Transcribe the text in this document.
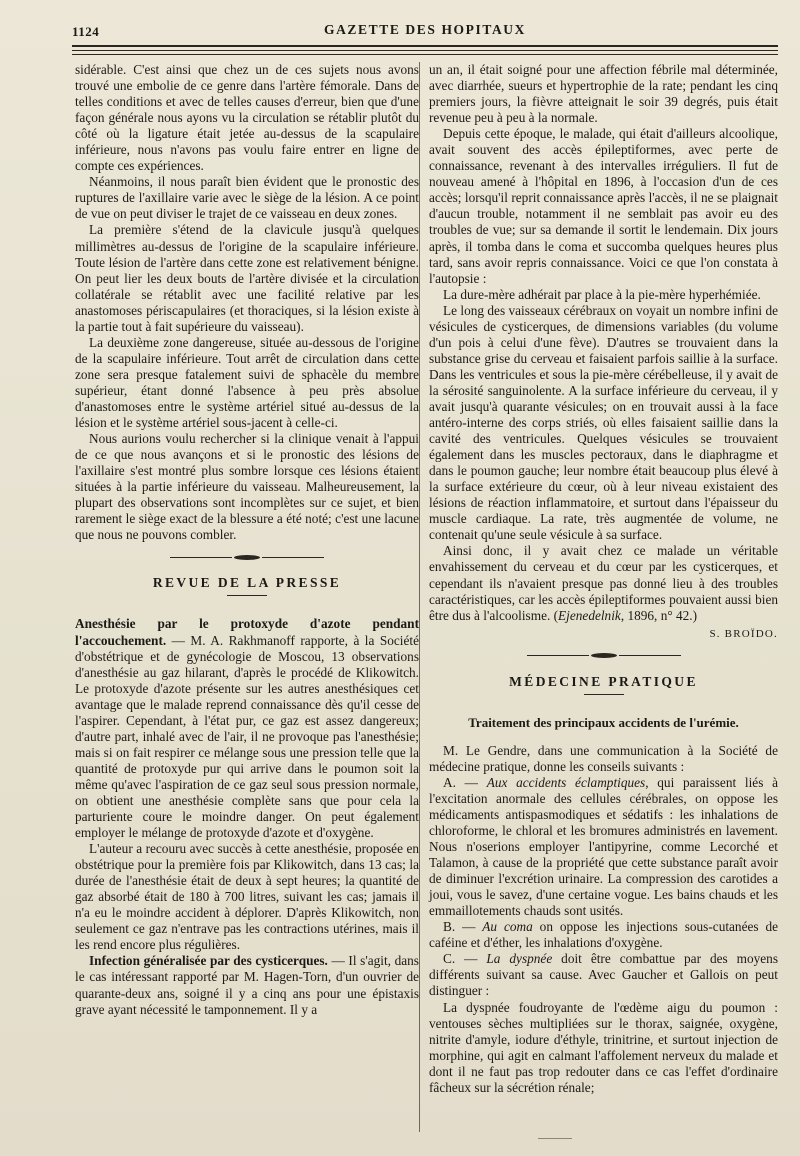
1124	GAZETTE DES HOPITAUX

sidérable. C'est ainsi que chez un de ces sujets nous avons trouvé une embolie de ce genre dans l'artère fémorale. Dans de telles conditions et avec de telles causes d'erreur, bien que d'une façon générale nous ayons vu la circulation se rétablir plutôt du côté où la ligature était jetée au-dessus de la scapulaire inférieure, nous n'avons pas voulu faire entrer en ligne de compte ces expériences.

Néanmoins, il nous paraît bien évident que le pronostic des ruptures de l'axillaire varie avec le siège de la lésion. A ce point de vue on peut diviser le trajet de ce vaisseau en deux zones.

La première s'étend de la clavicule jusqu'à quelques millimètres au-dessus de l'origine de la scapulaire inférieure. Toute lésion de l'artère dans cette zone est relativement bénigne. On peut lier les deux bouts de l'artère divisée et la circulation collatérale se rétablit avec une facilité relative par les anastomoses périscapulaires (et thoraciques, si la lésion existe à la partie tout à fait supérieure du vaisseau).

La deuxième zone dangereuse, située au-dessous de l'origine de la scapulaire inférieure. Tout arrêt de circulation dans cette zone sera presque fatalement suivi de sphacèle du membre supérieur, étant donné l'absence à peu près absolue d'anastomoses entre le système artériel situé au-dessus de la lésion et le système artériel sous-jacent à celle-ci.

Nous aurions voulu rechercher si la clinique venait à l'appui de ce que nous avançons et si le pronostic des lésions de l'axillaire s'est montré plus sombre lorsque ces lésions étaient situées à la partie inférieure du vaisseau. Malheureusement, la plupart des observations sont incomplètes sur ce sujet, et bien rarement le siège exact de la blessure a été noté; c'est une lacune que nous ne pouvons combler.

REVUE DE LA PRESSE

Anesthésie par le protoxyde d'azote pendant l'accouchement. — M. A. Rakhmanoff rapporte, à la Société d'obstétrique et de gynécologie de Moscou, 13 observations d'anesthésie au gaz hilarant, d'après le procédé de Klikowitch. Le protoxyde d'azote présente sur les autres anesthésiques cet avantage que le malade reprend connaissance dès qu'il cesse de l'aspirer. Cependant, à l'état pur, ce gaz est assez dangereux; d'autre part, inhalé avec de l'air, il ne provoque pas l'anesthésie; mais si on fait respirer ce mélange sous une pression telle que la quantité de protoxyde pur qui arrive dans le poumon soit la même qu'avec l'aspiration de ce gaz seul sous pression normale, on obtient une anesthésie complète sans que pour cela la parturiente coure le moindre danger. On peut également employer le mélange de protoxyde d'azote et d'oxygène.

L'auteur a recouru avec succès à cette anesthésie, proposée en obstétrique pour la première fois par Klikowitch, dans 13 cas; la durée de l'anesthésie était de deux à sept heures; la quantité de gaz absorbé était de 180 à 700 litres, suivant les cas; jamais il n'a eu le moindre accident à déplorer. D'après Klikowitch, non seulement ce gaz n'entrave pas les contractions utérines, mais il les rend encore plus régulières.

Infection généralisée par des cysticerques. — Il s'agit, dans le cas intéressant rapporté par M. Hagen-Torn, d'un ouvrier de quarante-deux ans, soigné il y a cinq ans pour une épistaxis grave ayant nécessité le tamponnement. Il y a

un an, il était soigné pour une affection fébrile mal déterminée, avec diarrhée, sueurs et hypertrophie de la rate; pendant les cinq premiers jours, la fièvre atteignait le soir 39 degrés, puis était revenue peu à peu à la normale.

Depuis cette époque, le malade, qui était d'ailleurs alcoolique, avait souvent des accès épileptiformes, avec perte de connaissance, revenant à des intervalles irréguliers. Il fut de nouveau amené à l'hôpital en 1896, à l'occasion d'un de ces accès; lorsqu'il reprit connaissance après l'accès, il ne se plaignait d'aucun trouble, notamment il ne semblait pas avoir eu des troubles de vue; sur sa demande il sortit le lendemain. Dix jours après, il tomba dans le coma et succomba quelques heures plus tard, sans avoir repris connaissance. Voici ce que l'on constata à l'autopsie :

La dure-mère adhérait par place à la pie-mère hyperhémiée.

Le long des vaisseaux cérébraux on voyait un nombre infini de vésicules de cysticerques, de dimensions variables (du volume d'un pois à celui d'une fève). D'autres se trouvaient dans la substance grise du cerveau et faisaient parfois saillie à la surface. Dans les ventricules et sous la pie-mère cérébelleuse, il y avait de la sérosité sanguinolente. A la surface inférieure du cerveau, il y avait jusqu'à quarante vésicules; on en trouvait aussi à la face antéro-interne des corps striés, où elles faisaient saillie dans la cavité des ventricules. Quelques vésicules se trouvaient également dans les muscles pectoraux, dans le diaphragme et dans le poumon gauche; leur nombre était beaucoup plus élevé à la surface extérieure du cœur, où à leur niveau existaient des lésions de réaction inflammatoire, et surtout dans l'épaisseur du muscle cardiaque. La rate, très augmentée de volume, ne contenait qu'une seule vésicule à sa surface.

Ainsi donc, il y avait chez ce malade un véritable envahissement du cerveau et du cœur par les cysticerques, et cependant ils n'avaient presque pas donné lieu à des troubles caractéristiques, car les accès épileptiformes pouvaient aussi bien être dus à l'alcoolisme. (Ejenedelnik, 1896, n° 42.)

S. BROÏDO.

MÉDECINE PRATIQUE
Traitement des principaux accidents de l'urémie.

M. Le Gendre, dans une communication à la Société de médecine pratique, donne les conseils suivants :

A. — Aux accidents éclamptiques, qui paraissent liés à l'excitation anormale des cellules cérébrales, on oppose les médicaments antispasmodiques et sédatifs : les inhalations de chloroforme, le chloral et les bromures administrés en lavement. Nous n'oserions employer l'antipyrine, comme Lecorché et Talamon, à cause de la propriété que cette substance paraît avoir de diminuer l'excrétion urinaire. La compression des carotides a joui, vous le savez, d'une certaine vogue. Les bains chauds et les emmaillotements chauds sont usités.

B. — Au coma on oppose les injections sous-cutanées de caféine et d'éther, les inhalations d'oxygène.

C. — La dyspnée doit être combattue par des moyens différents suivant sa cause. Avec Gaucher et Gallois on peut distinguer :

La dyspnée foudroyante de l'œdème aigu du poumon : ventouses sèches multipliées sur le thorax, saignée, oxygène, nitrite d'amyle, iodure d'éthyle, trinitrine, et surtout injection de morphine, qui agit en calmant l'affolement nerveux du malade et dont il ne faut pas trop redouter dans ce cas l'effet d'ordinaire fâcheux sur la sécrétion rénale;
